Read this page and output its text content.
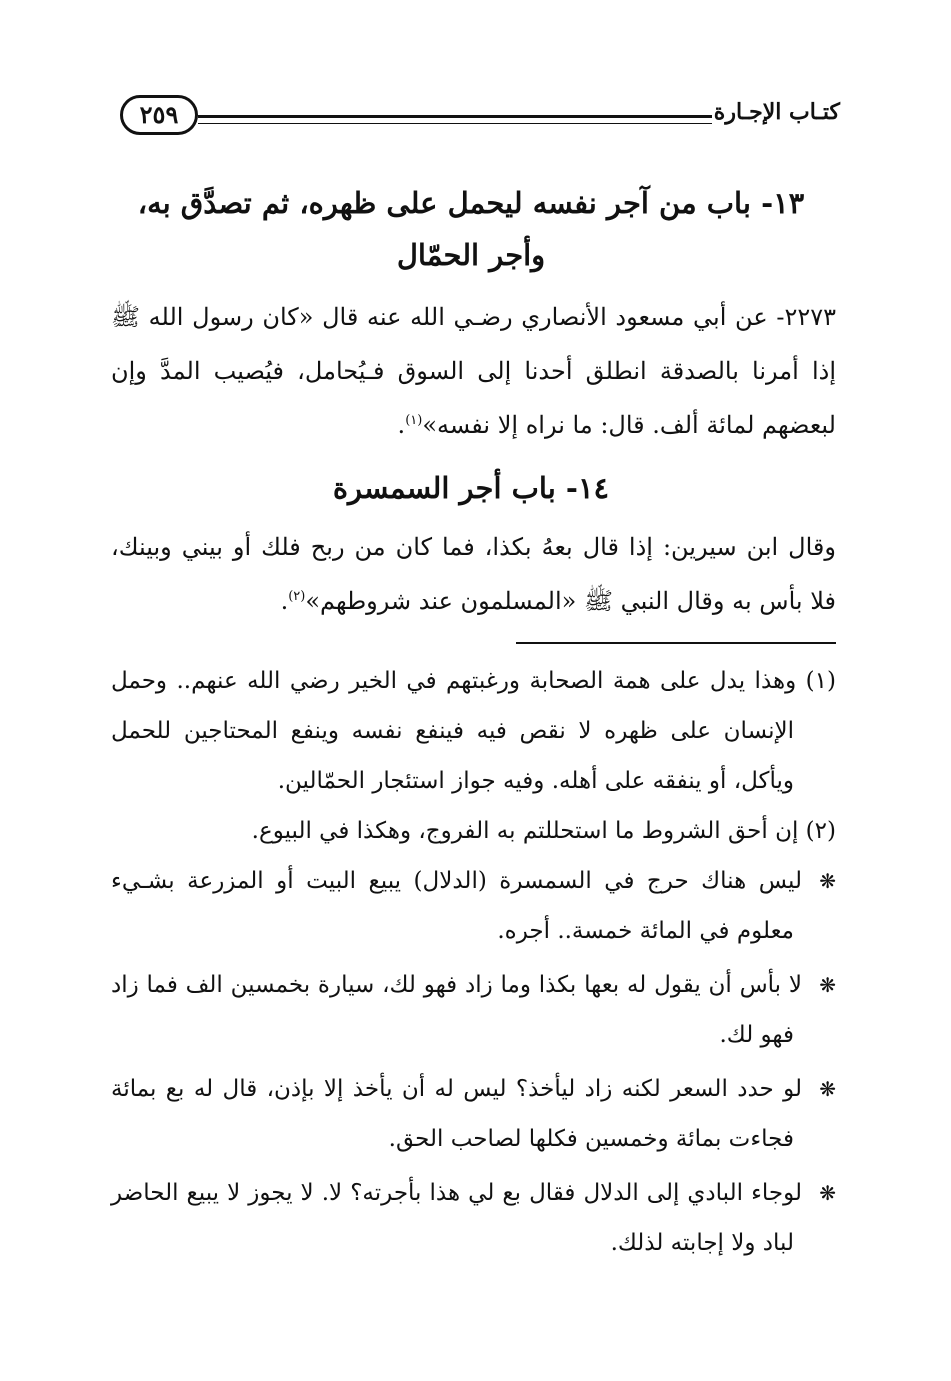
كتـاب الإجـارة
٢٥٩
١٣- باب من آجر نفسه ليحمل على ظهره، ثم تصدَّق به، وأجر الحمّال
٢٢٧٣- عن أبي مسعود الأنصاري رضـي الله عنه قال «كان رسول الله ﷺ إذا أمرنا بالصدقة انطلق أحدنا إلى السوق فـيُحامل، فيُصيب المدَّ وإن لبعضهم لمائة ألف. قال: ما نراه إلا نفسه»$^{(١)}$.
١٤- باب أجر السمسرة
وقال ابن سيرين: إذا قال بعهُ بكذا، فما كان من ربح فلك أو بيني وبينك، فلا بأس به وقال النبي ﷺ «المسلمون عند شروطهم»$^{(٢)}$.

(١) وهذا يدل على همة الصحابة ورغبتهم في الخير رضي الله عنهم.. وحمل الإنسان على ظهره لا نقص فيه فينفع نفسه وينفع المحتاجين للحمل ويأكل، أو ينفقه على أهله. وفيه جواز استئجار الحمّالين.

(٢) إن أحق الشروط ما استحللتم به الفروج، وهكذا في البيوع.

❋ليس هناك حرج في السمسرة (الدلال) يبيع البيت أو المزرعة بشـيء معلوم في المائة خمسة.. أجره.

❋لا بأس أن يقول له بعها بكذا وما زاد فهو لك، سيارة بخمسين الف فما زاد فهو لك.

❋لو حدد السعر لكنه زاد ليأخذ؟ ليس له أن يأخذ إلا بإذن، قال له بع بمائة فجاءت بمائة وخمسين فكلها لصاحب الحق.

❋لوجاء البادي إلى الدلال فقال بع لي هذا بأجرته؟ لا. لا يجوز لا يبيع الحاضر لباد ولا إجابته لذلك.
